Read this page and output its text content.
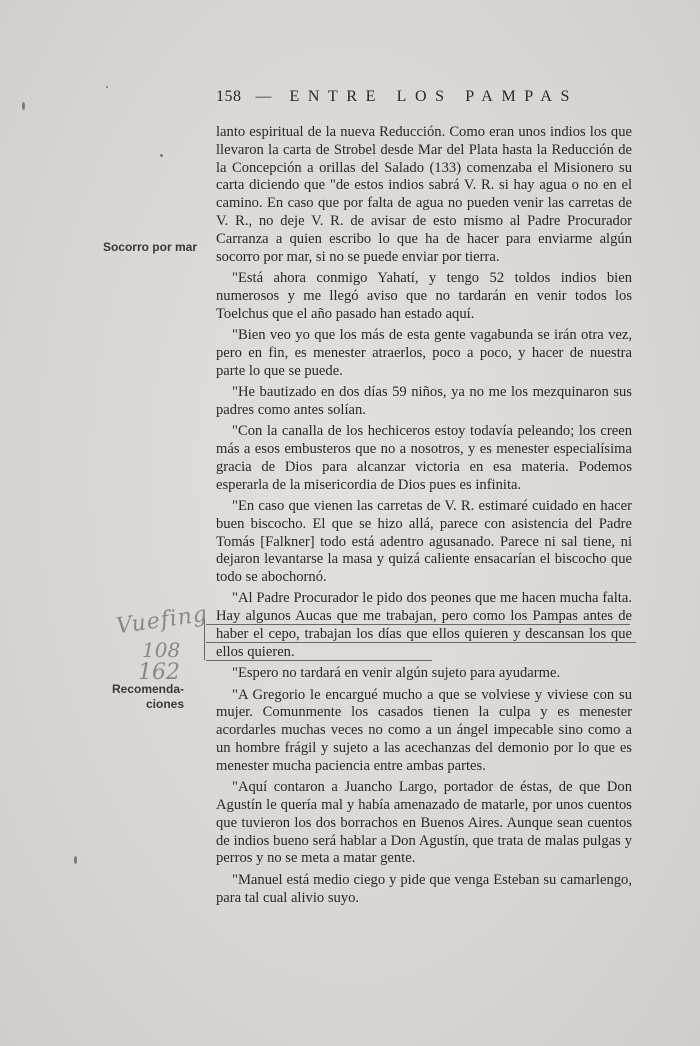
158 — ENTRE LOS PAMPAS
Socorro por mar
Recomenda-ciones
Vuefing
108
162

lanto espiritual de la nueva Reducción. Como eran unos indios los que llevaron la carta de Strobel desde Mar del Plata hasta la Reducción de la Concepción a orillas del Salado (133) comenzaba el Misionero su carta diciendo que "de estos indios sabrá V. R. si hay agua o no en el camino. En caso que por falta de agua no pueden venir las carretas de V. R., no deje V. R. de avisar de esto mismo al Padre Procurador Carranza a quien escribo lo que ha de hacer para enviarme algún socorro por mar, si no se puede enviar por tierra.

"Está ahora conmigo Yahatí, y tengo 52 toldos indios bien numerosos y me llegó aviso que no tardarán en venir todos los Toelchus que el año pasado han estado aquí.

"Bien veo yo que los más de esta gente vagabunda se irán otra vez, pero en fin, es menester atraerlos, poco a poco, y hacer de nuestra parte lo que se puede.

"He bautizado en dos días 59 niños, ya no me los mezquinaron sus padres como antes solían.

"Con la canalla de los hechiceros estoy todavía peleando; los creen más a esos embusteros que no a nosotros, y es menester especialísima gracia de Dios para alcanzar victoria en esa materia. Podemos esperarla de la misericordia de Dios pues es infinita.

"En caso que vienen las carretas de V. R. estimaré cuidado en hacer buen biscocho. El que se hizo allá, parece con asistencia del Padre Tomás [Falkner] todo está adentro agusanado. Parece ni sal tiene, ni dejaron levantarse la masa y quizá caliente ensacarían el biscocho que todo se abochornó.

"Al Padre Procurador le pido dos peones que me hacen mucha falta. Hay algunos Aucas que me trabajan, pero como los Pampas antes de haber el cepo, trabajan los días que ellos quieren y descansan los que ellos quieren.

"Espero no tardará en venir algún sujeto para ayudarme.

"A Gregorio le encargué mucho a que se volviese y viviese con su mujer. Comunmente los casados tienen la culpa y es menester acordarles muchas veces no como a un ángel impecable sino como a un hombre frágil y sujeto a las acechanzas del demonio por lo que es menester mucha paciencia entre ambas partes.

"Aquí contaron a Juancho Largo, portador de éstas, de que Don Agustín le quería mal y había amenazado de matarle, por unos cuentos que tuvieron los dos borrachos en Buenos Aires. Aunque sean cuentos de indios bueno será hablar a Don Agustín, que trata de malas pulgas y perros y no se meta a matar gente.

"Manuel está medio ciego y pide que venga Esteban su camarlengo, para tal cual alivio suyo.
